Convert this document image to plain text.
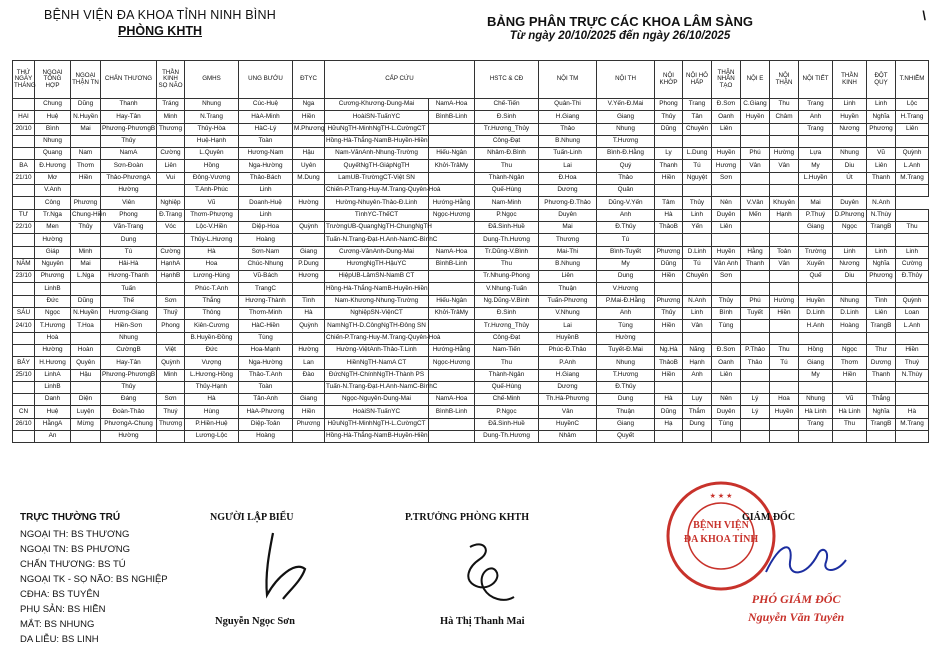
BỆNH VIỆN ĐA KHOA TỈNH NINH BÌNH
PHÒNG KHTH
BẢNG PHÂN TRỰC CÁC KHOA LÂM SÀNG
Từ ngày 20/10/2025 đến ngày 26/10/2025
\
THỨ NGÀY THÁNG	NGOẠI TỔNG HỢP	NGOẠI THẬN TN	CHẤN THƯƠNG	THẦN KINH SỌ NÃO	GMHS	UNG BƯỚU	ĐTYC	CẤP CỨU		HSTC & CĐ	NỘI TM	NỘI TH	NỘI KHỚP	NỘI HÔ HẤP	THẬN NHÂN TẠO	NỘI E	NỘI THẬN	NỘI TIẾT	THẦN KINH	ĐỘT QUỴ	T.NHIỄM
	Chung	Dũng	Thanh	Tráng	Nhung	Cúc-Huệ	Nga	Cương-Khương-Dung-Mai	NamA-Hoa	Chế-Tiến	Quân-Thi	V.Yến-Đ.Mai	Phong	Trang	Đ.Sơn	C.Giang	Thu	Trang	Linh	Linh	Lộc
HAI	Huệ	N.Huyền	Hay-Tân	Minh	N.Trang	HàA-Minh	Hiền	HoàiSN-TuấnYC	BìnhB-Linh	Đ.Sinh	H.Giang	Giang	Thủy	Tân	Oanh	Huyền	Châm	Anh	Huyền	Nghĩa	H.Trang
20/10	Bình	Mai	Phương-PhươngB	Thương	Thủy-Hòa	HàC-Lý	M.Phương	HữuNgTH-MinhNgTH-L.CườngCT		Tr.Hương_Thủy	Thảo	Nhung	Dũng	Chuyên	Liên			Trang	Nương	Phương	Liên
	Nhung		Thủy		Huệ-Hạnh	Toàn		Hồng-Hà-Thắng-NamB-Huyền-Hiền		Công-Đạt	B.Nhung	T.Hương									
	Quang	Nam	NamA	Cường	L.Quyên	Hương-Nam	Hậu	Nam-VănAnh-Nhung-Trường	Hiếu-Ngân	Nhâm-Đ.Bình	Tuấn-Linh	Bình-Đ.Hằng	Ly	L.Dung	Huyền	Phú	Hường	Lựa	Nhung	Vũ	Quỳnh
BA	Đ.Hương	Thơm	Sơn-Đoàn	Liên	Hồng	Nga-Hường	Uyên	QuyếtNgTH-GiápNgTH	Khởi-TrâMy	Thu	Lai	Quý	Thanh	Tú	Hương	Vân	Vân	My	Diu	Liên	L.Anh
21/10	Mơ	Hiền	Thảo-PhươngA	Vui	Đông-Vương	Thảo-Bách	M.Dung	LamUB-TrườngCT-Việt SN		Thành-Ngân	Đ.Hoa	Thảo	Hiền	Nguyệt	Sơn			L.Huyền	Út	Thanh	M.Trang
	V.Anh		Hường		T.Anh-Phúc	Linh		Chiến-P.Trang-Huy-M.Trang-Quyên-Hoà		Quế-Hùng	Dương	Quân									
	Công	Phương	Viên	Nghiệp	Vũ	Doanh-Huệ	Hường	Hường-Nhuyên-Thảo-Đ.Linh	Hướng-Hằng	Nam-Minh	Phương-Đ.Thảo	Dũng-V.Yến	Tâm	Thủy	Nên	V.Vân	Khuyên	Mai	Duyên	N.Anh	
TƯ	Tr.Nga	Chung-Hiền	Phong	Đ.Trang	Thơm-Phượng	Linh		TìnhYC-ThếCT	Ngọc-Hương	P.Ngọc	Duyên	Anh	Hà	Linh	Duyên	Mến	Hạnh	P.Thuý	D.Phương	N.Thùy	
22/10	Men	Thủy	Văn-Trang	Vóc	Lộc-V.Hiền	Diệp-Hoa	Quỳnh	TrườngUB-QuangNgTH-ChungNgTH		Đã.Sinh-Huề	Mai	Đ.Thủy	ThảoB	Yến	Liên			Giang	Ngọc	TrangB	Thu
	Hường		Dung		Thủy-L.Hương	Hoàng		Tuấn-N.Trang-Đạt-H.Anh-NamC-BìnhC		Dung-Th.Hương	Thương	Tú									
	Giáp	Minh	Tú	Cường	Hà	Sơn-Nam	Giang	Cương-VănAnh-Dung-Mai	NamA-Hoa	Tr.Dũng-V.Bình	Mai-Thi	Bình-Tuyết	Phương	D.Linh	Huyền	Hằng	Toản	Trường	Linh	Linh	Linh
NĂM	Nguyên	Mai	Hải-Hà	HạnhA	Hoa	Chúc-Nhung	P.Dung	HươngNgTH-HậuYC	BìnhB-Linh	Thu	B.Nhung	My	Dũng	Tú	Vân Anh	Thanh	Vân	Xuyến	Nương	Nghĩa	Cường
23/10	Phương	L.Nga	Hương-Thanh	HạnhB	Lương-Hùng	Vũ-Bách	Hương	HiệpUB-LâmSN-NamB CT		Tr.Nhung-Phong	Liên	Dung	Hiền	Chuyên	Sơn			Quế	Diu	Phương	Đ.Thủy
	LinhB		Tuấn		Phúc-T.Anh	TrangC		Hồng-Hà-Thắng-NamB-Huyền-Hiền		V.Nhung-Tuấn	Thuận	V.Hương									
	Đức	Dũng	Thế	Sơn	Thắng	Hương-Thành	Tình	Nam-Khương-Nhung-Trường	Hiếu-Ngân	Ng.Dũng-V.Bình	Tuấn-Phương	P.Mai-Đ.Hằng	Phương	N.Anh	Thủy	Phú	Hường	Huyền	Nhung	Tình	Quỳnh
SÁU	Ngọc	N.Huyền	Hương-Giang	Thuỷ	Thông	Thơm-Minh	Hà	NghiệpSN-ViệnCT	Khởi-TrâMy	Đ.Sinh	V.Nhung	Anh	Thủy	Linh	Bình	Tuyết	Hiền	D.Linh	D.Linh	Liên	Loan
24/10	T.Hương	T.Hoa	Hiền-Sơn	Phong	Kiên-Cương	HàC-Hiền	Quỳnh	NamNgTH-D.CôngNgTH-Đông SN		Tr.Hương_Thủy	Lai	Tùng	Hiền	Vân	Tùng			H.Anh	Hoàng	TrangB	L.Anh
	Hoà		Nhung		B.Huyền-Đồng	Tùng		Chiến-P.Trang-Huy-M.Trang-Quyên-Hoà		Công-Đạt	HuyềnB	Hường									
	Hường	Hoàn	CườngB	Việt	Đức	Hoa-Mạnh	Hường	Hường-ViệtAnh-Thảo-T.Linh	Hướng-Hằng	Nam-Tiến	Phúc-Đ.Thảo	Tuyết-Đ.Mai	Ng.Hà	Năng	Đ.Sơn	P.Thảo	Thu	Hồng	Ngọc	Thư	Hiền
BẢY	H.Hương	Quyên	Hay-Tân	Quỳnh	Vượng	Nga-Hường	Lan	HiềnNgTH-NamA CT	Ngọc-Hương	Thu	P.Anh	Nhung	ThảoB	Hạnh	Oanh	Thảo	Tú	Giang	Thơm	Dương	Thuý
25/10	LinhA	Hậu	Phương-PhươngB	Minh	L.Hương-Hồng	Thảo-T.Anh	Đào	ĐứcNgTH-ChínhNgTH-Thành PS		Thành-Ngân	H.Giang	T.Hương	Hiền	Anh	Liên			My	Hiền	Thanh	N.Thùy
	LinhB		Thủy		Thủy-Hạnh	Toàn		Tuấn-N.Trang-Đạt-H.Anh-NamC-BìnhC		Quế-Hùng	Dương	Đ.Thủy									
	Danh	Diện	Đáng	Sơn	Hà	Tân-Anh	Giang	Ngọc-Nguyên-Dung-Mai	NamA-Hoa	Chế-Minh	Th.Hà-Phương	Dung	Hà	Lụy	Nên	Lý	Hoa	Nhung	Vũ	Thắng	
CN	Huệ	Luyện	Đoàn-Thảo	Thuý	Hùng	HàA-Phương	Hiền	HoàiSN-TuấnYC	BìnhB-Linh	P.Ngọc	Vân	Thuận	Dũng	Thắm	Duyên	Lý	Huyền	Hà Linh	Hà Linh	Nghĩa	Hà
26/10	HằngA	Mừng	PhươngA-Chung	Thương	P.Hiền-Huệ	Diệp-Toản	Phương	HữuNgTH-MinhNgTH-L.CườngCT		Đã.Sinh-Huề	HuyềnC	Giang	Hạ	Dung	Tùng			Trang	Thu	TrangB	M.Trang
	An		Hường		Lương-Lộc	Hoàng		Hồng-Hà-Thắng-NamB-Huyền-Hiền		Dung-Th.Hương	Nhâm	Quyết									
TRỰC THƯỜNG TRÚ
NGOẠI TH: BS THƯƠNG
NGOẠI TN: BS PHƯƠNG
CHẤN THƯƠNG: BS TÚ
NGOẠI TK - SỌ NÃO: BS NGHIỆP
CĐHA: BS TUYÊN
PHỤ SẢN: BS HIỀN
MẮT: BS NHUNG
DA LIỄU: BS LINH
NGƯỜI LẬP BIỂU
Nguyễn Ngọc Sơn
P.TRƯỞNG PHÒNG KHTH
Hà Thị Thanh Mai
BỆNH VIỆN
ĐA KHOA TỈNH
★ ★ ★
GIÁM ĐỐC
PHÓ GIÁM ĐỐC
Nguyễn Văn Tuyên
